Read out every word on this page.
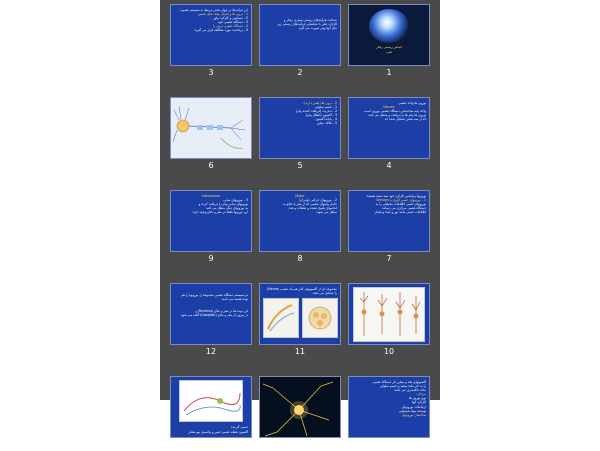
این فرآیندها در چهار بخش مرتبط به سیستم عصبی:
1 - درون ها و اتصال مجدد های عصبی
2 - سیناپس و کارکرد بیاور
3 - دستگاه عصبی خود
4 - دستگاه عصبی درون زا
5 - برداشت مورد مطالعه قرار می گیرند
3
شناخت فرآیندهای زیستی سیاری رفتار و
کارکرد ذهن با شناسایی فرآیندهای زیستی زیر
بنای آنها بهتر صورت می گیرد
2
اساس زیستی رفتار
تغیی
1
6
2 - نرون ها (نقش دارند):
1 - جسم سلولی
2 - دندریت (دریافت کننده پیام)
3 - آکسون (انتقال پیام)
4 - پایانه آکسون
5 - غلاف میلین
5
نورون ها واحد عصبی
Neuron
واحد پایه ساختمانی دستگاه عصبی نورون است
نورون ها پیام ها را دریافت و منتقل می کنند
که از سه بخش تشکیل شده اند
4
Interneuron
3 - نورونهای میانی
نورونهای میانی پیام را دریافت کرده و
به نورونهای دیگر منتقل می کنند
این نورونها فقط در مغز و نخاع وجود دارند
9
Motor
2 - نورونهای حرکتی (وابران)
حامل پیامهای عصبی که از مغز یا نخاع به
اندامهای پاسخ دهنده و عضلات و غدد
منتقل می شوند
8
نورونها براساس کارکرد خود سه دسته هستند:
1 - نورونهای حسی (آوران) Sensory
نورونهای حسی اطلاعات محیطی را به
دستگاه عصبی مرکزی می رسانند
اطلاعات حسی مانند نور و صدا و فشار
7
دو سیستم دستگاه عصبی مجموعه ی نورونها را هم
توده هسته می نامند
این توده ها در مغز و نخاع (Nucleus) و
در بیرون از مغز و نخاع (Ganglion) گفته می شود
12
مجموعه ای از آکسونهای کنار هم یک عصب (Nerve)
را تشکیل می دهند
11	10
حسی گیرنده
آکسون نقطه عصبی تغییر و پتانسیل بیو مقدار
15	14
آکسونهای بلند و میلین دار دستگاه عصبی
را به نام ماده سفید و جسم سلولی
ماده خاکستری می نامند
مراحل:
نوع نورون ها
کارکرد آنها
ارتباطات نورونهای
توسعه مواد شیمیایی
ساختمان نورونهای
13
